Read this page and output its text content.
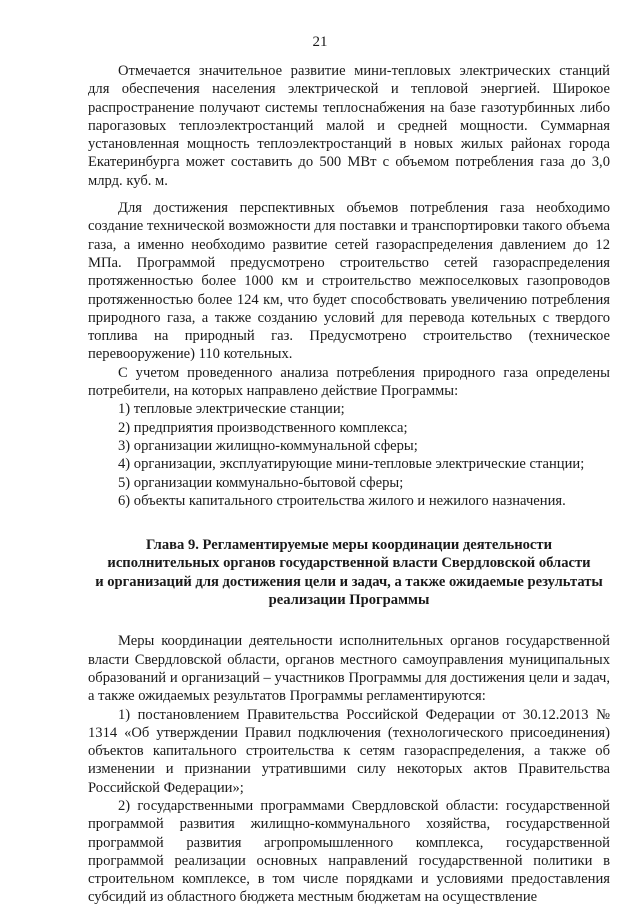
21

Отмечается значительное развитие мини-тепловых электрических станций для обеспечения населения электрической и тепловой энергией. Широкое распространение получают системы теплоснабжения на базе газотурбинных либо парогазовых теплоэлектростанций малой и средней мощности. Суммарная установленная мощность теплоэлектростанций в новых жилых районах города Екатеринбурга может составить до 500 МВт с объемом потребления газа до 3,0 млрд. куб. м.

Для достижения перспективных объемов потребления газа необходимо создание технической возможности для поставки и транспортировки такого объема газа, а именно необходимо развитие сетей газораспределения давлением до 12 МПа. Программой предусмотрено строительство сетей газораспределения протяженностью более 1000 км и строительство межпоселковых газопроводов протяженностью более 124 км, что будет способствовать увеличению потребления природного газа, а также созданию условий для перевода котельных с твердого топлива на природный газ. Предусмотрено строительство (техническое перевооружение) 110 котельных.

С учетом проведенного анализа потребления природного газа определены потребители, на которых направлено действие Программы:

1) тепловые электрические станции;

2) предприятия производственного комплекса;

3) организации жилищно-коммунальной сферы;

4) организации, эксплуатирующие мини-тепловые электрические станции;

5) организации коммунально-бытовой сферы;

6) объекты капитального строительства жилого и нежилого назначения.

Глава 9. Регламентируемые меры координации деятельности
исполнительных органов государственной власти Свердловской области
и организаций для достижения цели и задач, а также ожидаемые результаты
реализации Программы

Меры координации деятельности исполнительных органов государственной власти Свердловской области, органов местного самоуправления муниципальных образований и организаций – участников Программы для достижения цели и задач, а также ожидаемых результатов Программы регламентируются:

1) постановлением Правительства Российской Федерации от 30.12.2013 № 1314 «Об утверждении Правил подключения (технологического присоединения) объектов капитального строительства к сетям газораспределения, а также об изменении и признании утратившими силу некоторых актов Правительства Российской Федерации»;

2) государственными программами Свердловской области: государственной программой развития жилищно-коммунального хозяйства, государственной программой развития агропромышленного комплекса, государственной программой реализации основных направлений государственной политики в строительном комплексе, в том числе порядками и условиями предоставления субсидий из областного бюджета местным бюджетам на осуществление
